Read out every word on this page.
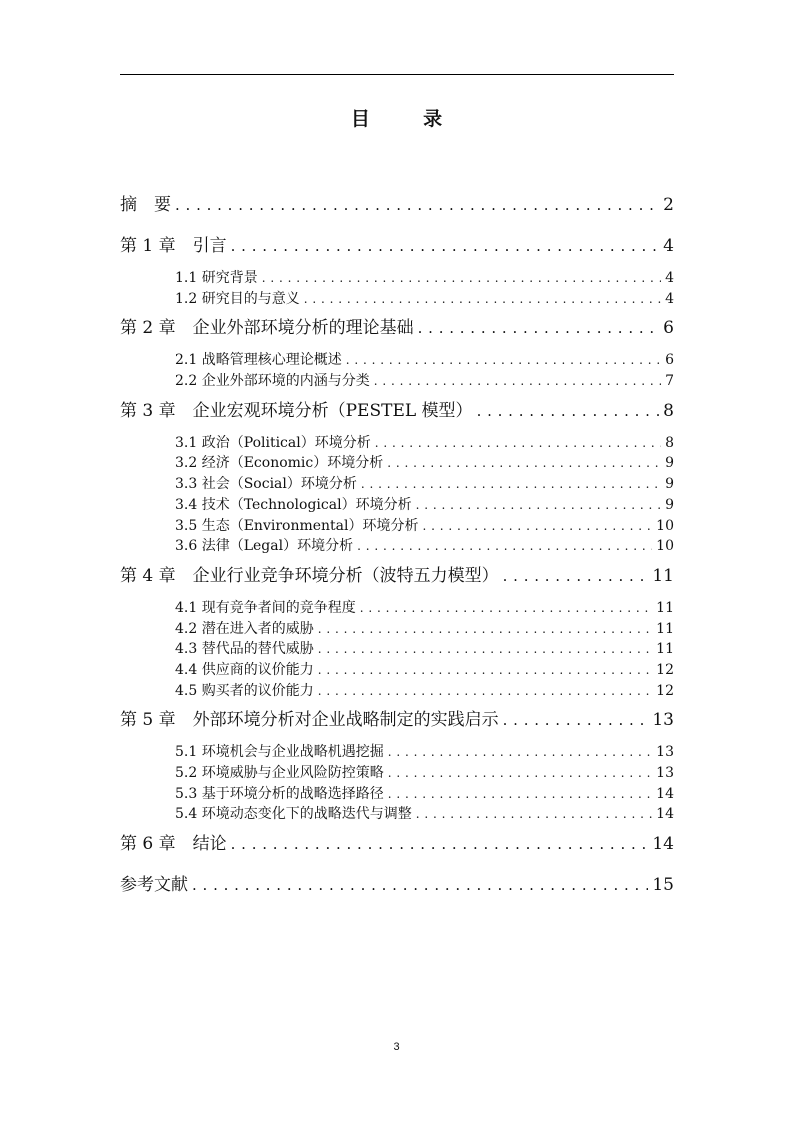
目　录
摘　要 . . .	2
第 1 章　引言 . . .	4
1.1 研究背景 . . .	4
1.2 研究目的与意义 . . .	4
第 2 章　企业外部环境分析的理论基础 . . .	6
2.1 战略管理核心理论概述 . . .	6
2.2 企业外部环境的内涵与分类 . . .	7
第 3 章　企业宏观环境分析（PESTEL 模型） . . .	8
3.1 政治（Political）环境分析 . . .	8
3.2 经济（Economic）环境分析 . . .	9
3.3 社会（Social）环境分析 . . .	9
3.4 技术（Technological）环境分析 . . .	9
3.5 生态（Environmental）环境分析 . . .	10
3.6 法律（Legal）环境分析 . . .	10
第 4 章　企业行业竞争环境分析（波特五力模型） . . .	11
4.1 现有竞争者间的竞争程度 . . .	11
4.2 潜在进入者的威胁 . . .	11
4.3 替代品的替代威胁 . . .	11
4.4 供应商的议价能力 . . .	12
4.5 购买者的议价能力 . . .	12
第 5 章　外部环境分析对企业战略制定的实践启示 . . .	13
5.1 环境机会与企业战略机遇挖掘 . . .	13
5.2 环境威胁与企业风险防控策略 . . .	13
5.3 基于环境分析的战略选择路径 . . .	14
5.4 环境动态变化下的战略迭代与调整 . . .	14
第 6 章　结论 . . .	14
参考文献 . . .	15
3
